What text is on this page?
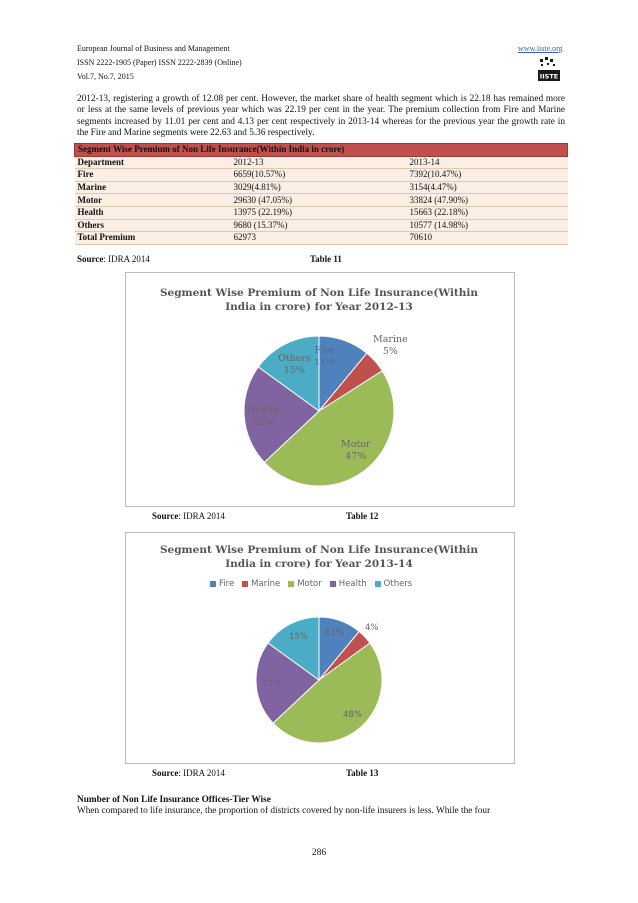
European Journal of Business and Management
ISSN 2222-1905 (Paper) ISSN 2222-2839 (Online)
Vol.7, No.7, 2015
www.iiste.org
IISTE
2012-13, registering a growth of 12.08 per cent. However, the market share of health segment which is 22.18 has remained more or less at the same levels of previous year which was 22.19 per cent in the year. The premium collection from Fire and Marine segments increased by 11.01 per cent and 4.13 per cent respectively in 2013-14 whereas for the previous year the growth rate in the Fire and Marine segments were 22.63 and 5.36 respectively.
Segment Wise Premium of Non Life Insurance(Within India in crore)		
Department	2012-13	2013-14
Fire	6659(10.57%)	7392(10.47%)
Marine	3029(4.81%)	3154(4.47%)
Motor	29630 (47.05%)	33824 (47.90%)
Health	13975 (22.19%)	15663 (22.18%)
Others	9680 (15.37%)	10577 (14.98%)
Total Premium	62973	70610
Source: IDRA 2014	Table 11
Segment Wise Premium of Non Life Insurance(Within
India in crore) for Year 2012-13
Fire
11%
Marine
5%
Motor
47%
Health
22%
Others
15%
Source: IDRA 2014	Table 12
Segment Wise Premium of Non Life Insurance(Within
India in crore) for Year 2013-14
Fire Marine Motor Health Others
11% 4%
48%
22%
15%
Source: IDRA 2014	Table 13
Number of Non Life Insurance Offices-Tier Wise
When compared to life insurance, the proportion of districts covered by non-life insurers is less. While the four
286
